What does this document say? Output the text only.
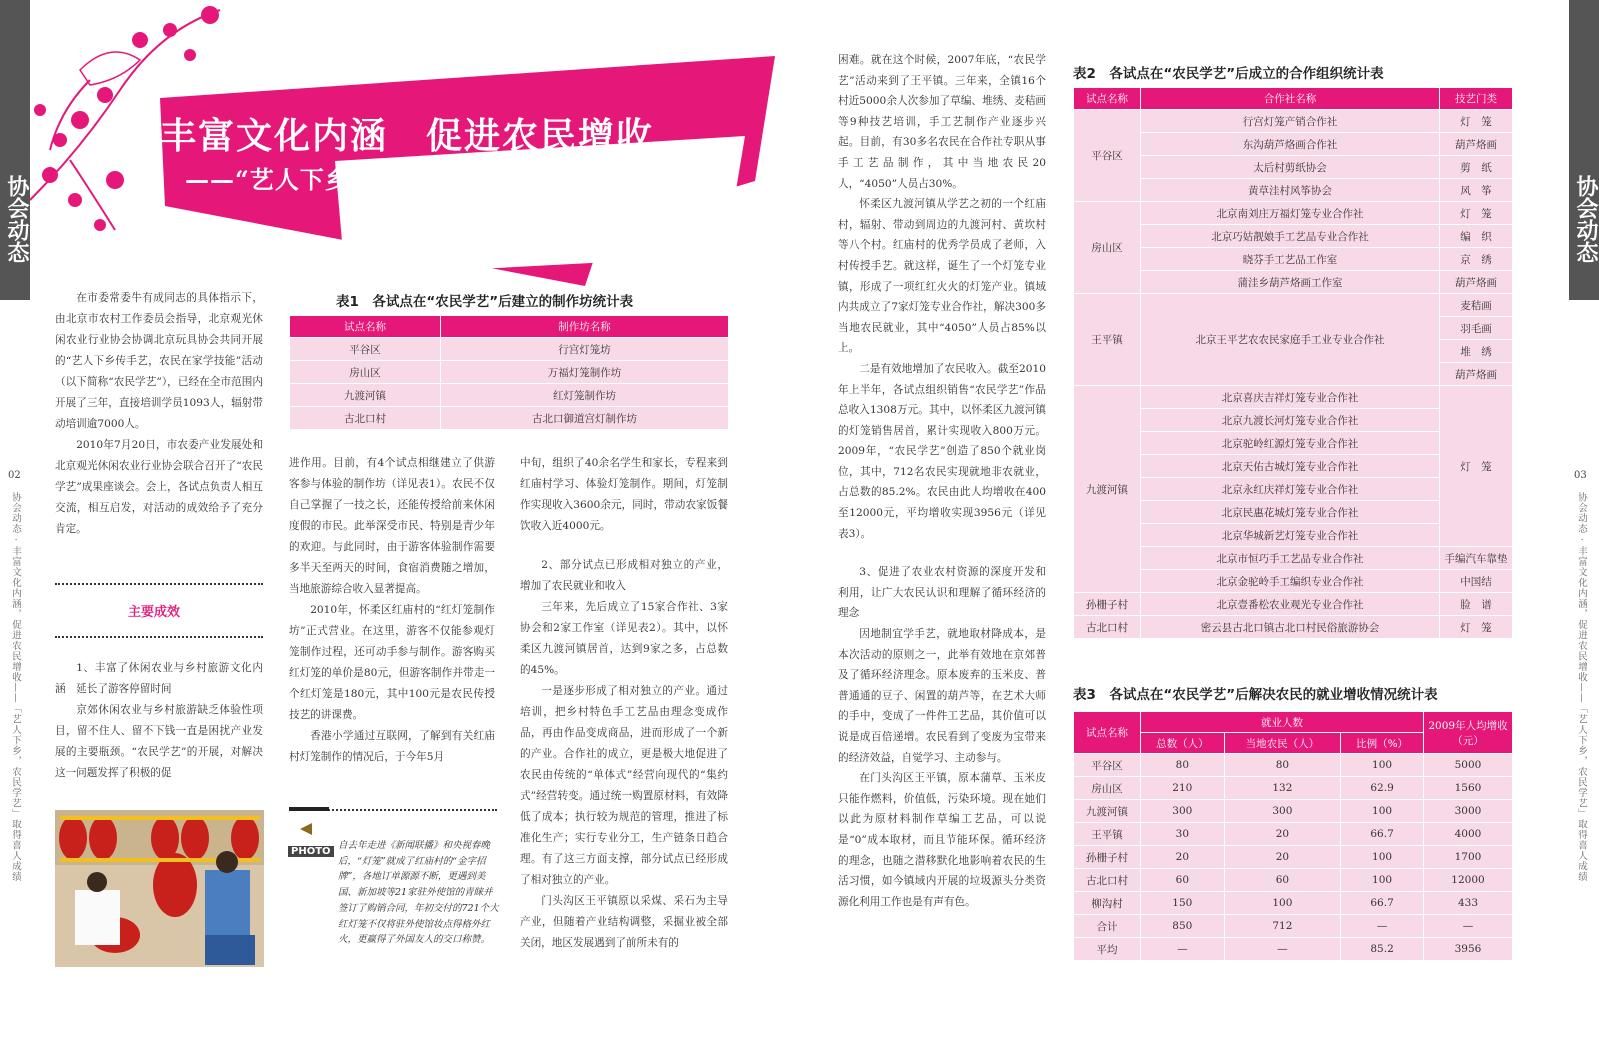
协会动态	协会动态
02	03
协会动态 · 丰富文化内涵，促进农民增收——「艺人下乡，农民学艺」取得喜人成绩	协会动态 · 丰富文化内涵，促进农民增收——「艺人下乡，农民学艺」取得喜人成绩
丰富文化内涵　促进农民增收
——“艺人下乡，农民学艺”取得喜人成绩

在市委常委牛有成同志的具体指示下，由北京市农村工作委员会指导，北京观光休闲农业行业协会协调北京玩具协会共同开展的“艺人下乡传手艺，农民在家学技能”活动（以下简称“农民学艺”），已经在全市范围内开展了三年，直接培训学员1093人，辐射带动培训逾7000人。

2010年7月20日，市农委产业发展处和北京观光休闲农业行业协会联合召开了“农民学艺”成果座谈会。会上，各试点负责人相互交流，相互启发，对活动的成效给予了充分肯定。

主要成效

1、丰富了休闲农业与乡村旅游文化内涵　延长了游客停留时间

京郊休闲农业与乡村旅游缺乏体验性项目，留不住人、留不下钱一直是困扰产业发展的主要瓶颈。“农民学艺”的开展，对解决这一问题发挥了积极的促

表1　各试点在“农民学艺”后建立的制作坊统计表
试点名称	制作坊名称
平谷区	行宫灯笼坊
房山区	万福灯笼制作坊
九渡河镇	红灯笼制作坊
古北口村	古北口御道宫灯制作坊

进作用。目前，有4个试点相继建立了供游客参与体验的制作坊（详见表1）。农民不仅自己掌握了一技之长，还能传授给前来休闲度假的市民。此举深受市民、特别是青少年的欢迎。与此同时，由于游客体验制作需要多半天至两天的时间，食宿消费随之增加，当地旅游综合收入显著提高。

2010年，怀柔区红庙村的“红灯笼制作坊”正式营业。在这里，游客不仅能参观灯笼制作过程，还可动手参与制作。游客购买红灯笼的单价是80元，但游客制作并带走一个红灯笼是180元，其中100元是农民传授技艺的讲课费。

香港小学通过互联网，了解到有关红庙村灯笼制作的情况后，于今年5月

PHOTO
自去年走进《新闻联播》和央视春晚后，“灯笼”就成了红庙村的“金字招牌”，各地订单源源不断，更遇到美国、新加坡等21家驻外使馆的青睐并签订了购销合同，年初交付的721个大红灯笼不仅将驻外使馆妆点得格外红火，更赢得了外国友人的交口称赞。

中旬，组织了40余名学生和家长，专程来到红庙村学习、体验灯笼制作。期间，灯笼制作实现收入3600余元，同时，带动农家饭餐饮收入近4000元。

2、部分试点已形成相对独立的产业，增加了农民就业和收入

三年来，先后成立了15家合作社、3家协会和2家工作室（详见表2）。其中，以怀柔区九渡河镇居首，达到9家之多，占总数的45%。

一是逐步形成了相对独立的产业。通过培训，把乡村特色手工艺品由理念变成作品，再由作品变成商品，进而形成了一个新的产业。合作社的成立，更是极大地促进了农民由传统的“单体式”经营向现代的“集约式”经营转变。通过统一购置原材料，有效降低了成本；执行较为规范的管理，推进了标准化生产；实行专业分工，生产链条日趋合理。有了这三方面支撑，部分试点已经形成了相对独立的产业。

门头沟区王平镇原以采煤、采石为主导产业，但随着产业结构调整，采掘业被全部关闭，地区发展遇到了前所未有的

困难。就在这个时候，2007年底，“农民学艺”活动来到了王平镇。三年来，全镇16个村近5000余人次参加了草编、堆绣、麦秸画等9种技艺培训，手工艺制作产业逐步兴起。目前，有30多名农民在合作社专职从事手工艺品制作，其中当地农民20人，“4050”人员占30%。

怀柔区九渡河镇从学艺之初的一个红庙村，辐射、带动到周边的九渡河村、黄坎村等八个村。红庙村的优秀学员成了老师，入村传授手艺。就这样，诞生了一个灯笼专业镇，形成了一项红红火火的灯笼产业。镇域内共成立了7家灯笼专业合作社，解决300多当地农民就业，其中“4050”人员占85%以上。

二是有效地增加了农民收入。截至2010年上半年，各试点组织销售“农民学艺”作品总收入1308万元。其中，以怀柔区九渡河镇的灯笼销售居首，累计实现收入800万元。2009年，“农民学艺”创造了850个就业岗位，其中，712名农民实现就地非农就业，占总数的85.2%。农民由此人均增收在400至12000元，平均增收实现3956元（详见表3）。

3、促进了农业农村资源的深度开发和利用，让广大农民认识和理解了循环经济的理念

因地制宜学手艺，就地取材降成本，是本次活动的原则之一，此举有效地在京郊普及了循环经济理念。原本废弃的玉米皮、普普通通的豆子、闲置的葫芦等，在艺术大师的手中，变成了一件件工艺品，其价值可以说是成百倍递增。农民看到了变废为宝带来的经济效益，自觉学习、主动参与。

在门头沟区王平镇，原本蒲草、玉米皮只能作燃料，价值低，污染环境。现在她们以此为原材料制作草编工艺品，可以说是“0”成本取材，而且节能环保。循环经济的理念，也随之潜移默化地影响着农民的生活习惯，如今镇域内开展的垃圾源头分类资源化利用工作也是有声有色。

表2　各试点在“农民学艺”后成立的合作组织统计表
试点名称	合作社名称	技艺门类
平谷区	行宫灯笼产销合作社	灯　笼
	东沟葫芦烙画合作社	葫芦烙画
	太后村剪纸协会	剪　纸
	黄草洼村风筝协会	风　筝
房山区	北京南刘庄万福灯笼专业合作社	灯　笼
	北京巧姑靓娘手工艺品专业合作社	编　织
	晓芬手工艺品工作室	京　绣
	蒲洼乡葫芦烙画工作室	葫芦烙画
王平镇	北京王平艺农农民家庭手工业专业合作社	麦秸画
		羽毛画
		堆　绣
		葫芦烙画
九渡河镇	北京喜庆吉祥灯笼专业合作社	灯　笼
	北京九渡长河灯笼专业合作社	
	北京驼岭红源灯笼专业合作社	
	北京天佑古城灯笼专业合作社	
	北京永红庆祥灯笼专业合作社	
	北京民惠花城灯笼专业合作社	
	北京华城新艺灯笼专业合作社	
	北京市恒巧手工艺品专业合作社	手编汽车靠垫
	北京金驼岭手工编织专业合作社	中国结
孙栅子村	北京壹番松农业观光专业合作社	脸　谱
古北口村	密云县古北口镇古北口村民俗旅游协会	灯　笼
表3　各试点在“农民学艺”后解决农民的就业增收情况统计表
试点名称	就业人数			2009年人均增收（元）
	总数（人）	当地农民（人）	比例（%）	
平谷区	80	80	100	5000
房山区	210	132	62.9	1560
九渡河镇	300	300	100	3000
王平镇	30	20	66.7	4000
孙栅子村	20	20	100	1700
古北口村	60	60	100	12000
柳沟村	150	100	66.7	433
合计	850	712	—	—
平均	—	—	85.2	3956
